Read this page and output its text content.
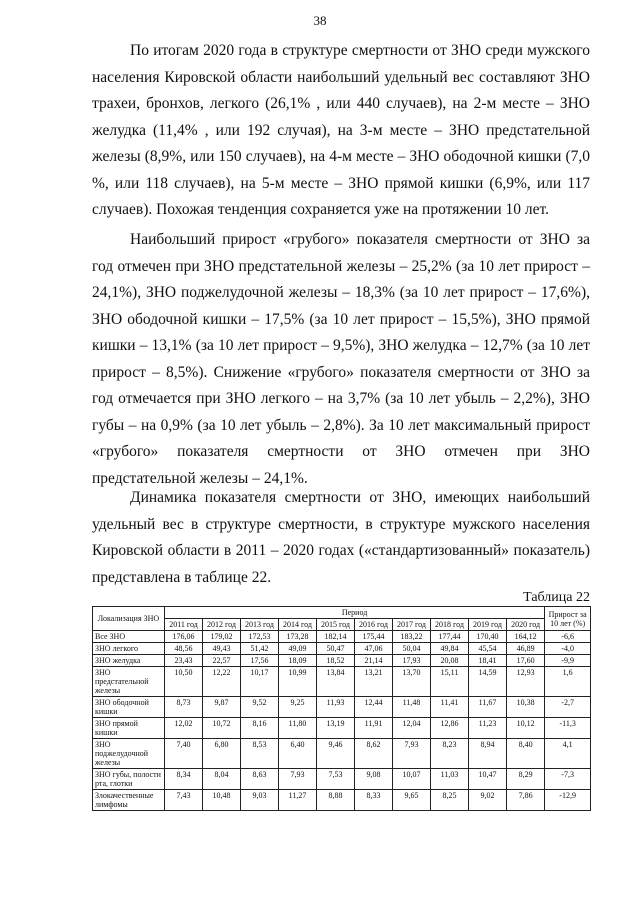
38

По итогам 2020 года в структуре смертности от ЗНО среди мужского населения Кировской области наибольший удельный вес составляют ЗНО трахеи, бронхов, легкого (26,1% , или 440 случаев), на 2-м месте – ЗНО желудка (11,4% , или 192 случая), на 3-м месте – ЗНО предстательной железы (8,9%, или 150 случаев), на 4-м месте – ЗНО ободочной кишки (7,0 %, или 118 случаев), на 5-м месте – ЗНО прямой кишки (6,9%, или 117 случаев). Похожая тенденция сохраняется уже на протяжении 10 лет.

Наибольший прирост «грубого» показателя смертности от ЗНО за год отмечен при ЗНО предстательной железы – 25,2% (за 10 лет прирост – 24,1%), ЗНО поджелудочной железы – 18,3% (за 10 лет прирост – 17,6%), ЗНО ободочной кишки – 17,5% (за 10 лет прирост – 15,5%), ЗНО прямой кишки – 13,1% (за 10 лет прирост – 9,5%), ЗНО желудка – 12,7% (за 10 лет прирост – 8,5%). Снижение «грубого» показателя смертности от ЗНО за год отмечается при ЗНО легкого – на 3,7% (за 10 лет убыль – 2,2%), ЗНО губы – на 0,9% (за 10 лет убыль – 2,8%). За 10 лет максимальный прирост «грубого» показателя смертности от ЗНО отмечен при ЗНО предстательной железы – 24,1%.

Динамика показателя смертности от ЗНО, имеющих наибольший удельный вес в структуре смертности, в структуре мужского населения Кировской области в 2011 – 2020 годах («стандартизованный» показатель) представлена в таблице 22.

Таблица 22
Локализация ЗНО	Период										Прирост за 10 лет (%)
	2011 год	2012 год	2013 год	2014 год	2015 год	2016 год	2017 год	2018 год	2019 год	2020 год	
Все ЗНО	176,06	179,02	172,53	173,28	182,14	175,44	183,22	177,44	170,40	164,12	-6,6
ЗНО легкого	48,56	49,43	51,42	49,09	50,47	47,06	50,04	49,84	45,54	46,89	-4,0
ЗНО желудка	23,43	22,57	17,56	18,09	18,52	21,14	17,93	20,08	18,41	17,60	-9,9
ЗНО предстательной железы	10,50	12,22	10,17	10,99	13,84	13,21	13,70	15,11	14,59	12,93	1,6
ЗНО ободочной кишки	8,73	9,87	9,52	9,25	11,93	12,44	11,48	11,41	11,67	10,38	-2,7
ЗНО прямой кишки	12,02	10,72	8,16	11,80	13,19	11,91	12,04	12,86	11,23	10,12	-11,3
ЗНО поджелудочной железы	7,40	6,80	8,53	6,40	9,46	8,62	7,93	8,23	8,94	8,40	4,1
ЗНО губы, полости рта, глотки	8,34	8,04	8,63	7,93	7,53	9,08	10,07	11,03	10,47	8,29	-7,3
Злокачественные лимфомы	7,43	10,48	9,03	11,27	8,88	8,33	9,65	8,25	9,02	7,86	-12,9
